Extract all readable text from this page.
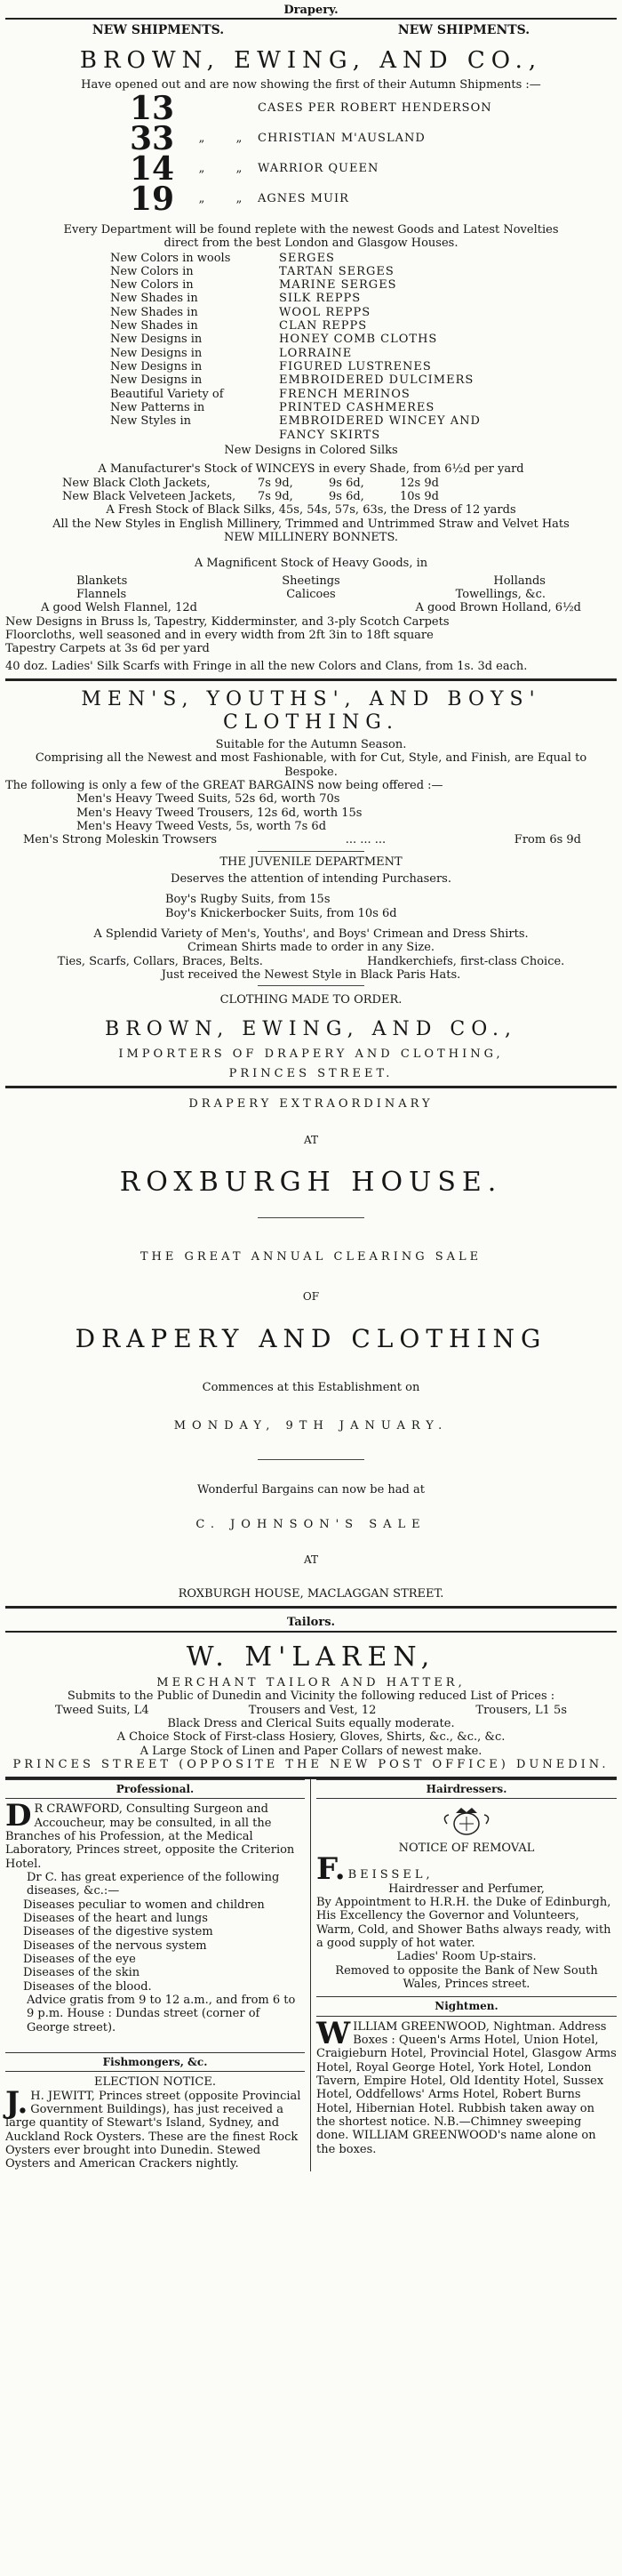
Drapery.
NEW SHIPMENTS.	NEW SHIPMENTS.
BROWN, EWING, AND CO.,
Have opened out and are now showing the first of their Autumn Shipments :—
13	CASES PER ROBERT HENDERSON
33	„	„	CHRISTIAN M'AUSLAND
14	„	„	WARRIOR QUEEN
19	„	„	AGNES MUIR
Every Department will be found replete with the newest Goods and Latest Novelties
direct from the best London and Glasgow Houses.
New Colors in wools	SERGES
New Colors in	TARTAN SERGES
New Colors in	MARINE SERGES
New Shades in	SILK REPPS
New Shades in	WOOL REPPS
New Shades in	CLAN REPPS
New Designs in	HONEY COMB CLOTHS
New Designs in	LORRAINE
New Designs in	FIGURED LUSTRENES
New Designs in	EMBROIDERED DULCIMERS
Beautiful Variety of	FRENCH MERINOS
New Patterns in	PRINTED CASHMERES
New Styles in	EMBROIDERED WINCEY AND
FANCY SKIRTS
New Designs in Colored Silks
A Manufacturer's Stock of WINCEYS in every Shade, from 6½d per yard
New Black Cloth Jackets,	7s 9d,	9s 6d,	12s 9d
New Black Velveteen Jackets,	7s 9d,	9s 6d,	10s 9d
A Fresh Stock of Black Silks, 45s, 54s, 57s, 63s, the Dress of 12 yards
All the New Styles in English Millinery, Trimmed and Untrimmed Straw and Velvet Hats
NEW MILLINERY BONNETS.
A Magnificent Stock of Heavy Goods, in
Blankets	Sheetings	Hollands
Flannels	Calicoes	Towellings, &c.
A good Welsh Flannel, 12d	A good Brown Holland, 6½d
New Designs in Bruss ls, Tapestry, Kidderminster, and 3-ply Scotch Carpets
Floorcloths, well seasoned and in every width from 2ft 3in to 18ft square
Tapestry Carpets at 3s 6d per yard
40 doz. Ladies' Silk Scarfs with Fringe in all the new Colors and Clans, from 1s. 3d each.
MEN'S, YOUTHS', AND BOYS' CLOTHING.
Suitable for the Autumn Season.
Comprising all the Newest and most Fashionable, with for Cut, Style, and Finish, are Equal to Bespoke.
The following is only a few of the GREAT BARGAINS now being offered :—
Men's Heavy Tweed Suits, 52s 6d, worth 70s
Men's Heavy Tweed Trousers, 12s 6d, worth 15s
Men's Heavy Tweed Vests, 5s, worth 7s 6d
Men's Strong Moleskin Trowsers	... ... ...	From 6s 9d
THE JUVENILE DEPARTMENT
Deserves the attention of intending Purchasers.
Boy's Rugby Suits, from 15s
Boy's Knickerbocker Suits, from 10s 6d
A Splendid Variety of Men's, Youths', and Boys' Crimean and Dress Shirts.
Crimean Shirts made to order in any Size.
Ties, Scarfs, Collars, Braces, Belts.	Handkerchiefs, first-class Choice.
Just received the Newest Style in Black Paris Hats.
CLOTHING MADE TO ORDER.
BROWN, EWING, AND CO.,
IMPORTERS OF DRAPERY AND CLOTHING,
PRINCES STREET.
DRAPERY EXTRAORDINARY
AT
ROXBURGH HOUSE.
THE GREAT ANNUAL CLEARING SALE
OF
DRAPERY AND CLOTHING
Commences at this Establishment on
MONDAY, 9TH JANUARY.
Wonderful Bargains can now be had at
C. JOHNSON'S SALE
AT
ROXBURGH HOUSE, MACLAGGAN STREET.
Tailors.
W. M'LAREN,
MERCHANT TAILOR AND HATTER,
Submits to the Public of Dunedin and Vicinity the following reduced List of Prices :
Tweed Suits, L4	Trousers and Vest, 12	Trousers, L1 5s
Black Dress and Clerical Suits equally moderate.
A Choice Stock of First-class Hosiery, Gloves, Shirts, &c., &c., &c.
A Large Stock of Linen and Paper Collars of newest make.
PRINCES STREET (OPPOSITE THE NEW POST OFFICE) DUNEDIN.
Professional.
D R CRAWFORD, Consulting Surgeon and Accoucheur, may be consulted, in all the Branches of his Profession, at the Medical Laboratory, Princes street, opposite the Criterion Hotel.
Dr C. has great experience of the following diseases, &c.:—
Diseases peculiar to women and children
Diseases of the heart and lungs
Diseases of the digestive system
Diseases of the nervous system
Diseases of the eye
Diseases of the skin
Diseases of the blood.
Advice gratis from 9 to 12 a.m., and from 6 to 9 p.m. House : Dundas street (corner of George street).
Fishmongers, &c.
ELECTION NOTICE.
J. H. JEWITT, Princes street (opposite Provincial Government Buildings), has just received a large quantity of Stewart's Island, Sydney, and Auckland Rock Oysters. These are the finest Rock Oysters ever brought into Dunedin. Stewed Oysters and American Crackers nightly.
Hairdressers.
NOTICE OF REMOVAL
F. BEISSEL,
Hairdresser and Perfumer,
By Appointment to H.R.H. the Duke of Edinburgh, His Excellency the Governor and Volunteers,
Warm, Cold, and Shower Baths always ready, with a good supply of hot water.
Ladies' Room Up-stairs.
Removed to opposite the Bank of New South Wales, Princes street.
Nightmen.
W ILLIAM GREENWOOD, Nightman. Address Boxes : Queen's Arms Hotel, Union Hotel, Craigieburn Hotel, Provincial Hotel, Glasgow Arms Hotel, Royal George Hotel, York Hotel, London Tavern, Empire Hotel, Old Identity Hotel, Sussex Hotel, Oddfellows' Arms Hotel, Robert Burns Hotel, Hibernian Hotel. Rubbish taken away on the shortest notice. N.B.—Chimney sweeping done. WILLIAM GREENWOOD's name alone on the boxes.
